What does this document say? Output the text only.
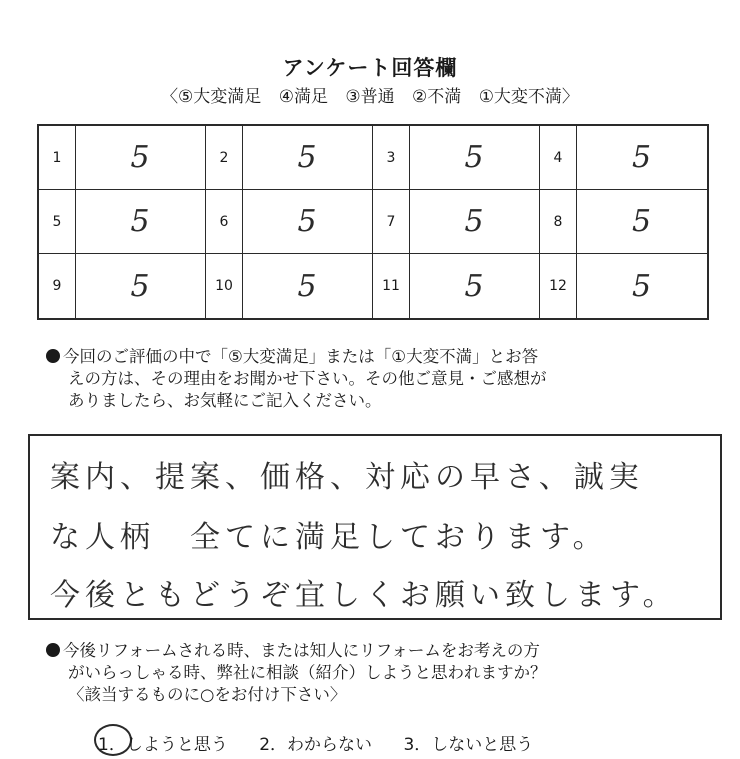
アンケート回答欄
〈⑤大変満足 ④満足 ③普通 ②不満 ①大変不満〉
1	5	2	5	3	5	4	5
5	5	6	5	7	5	8	5
9	5	10	5	11	5	12	5
今回のご評価の中で「⑤大変満足」または「①大変不満」とお答
えの方は、その理由をお聞かせ下さい。その他ご意見・ご感想が
ありましたら、お気軽にご記入ください。
案内、提案、価格、対応の早さ、誠実
な人柄　全てに満足しております。
今後ともどうぞ宜しくお願い致します。
今後リフォームされる時、または知人にリフォームをお考えの方
がいらっしゃる時、弊社に相談（紹介）しようと思われますか？
〈該当するものに○をお付け下さい〉
1．しようと思う 2．わからない 3．しないと思う
